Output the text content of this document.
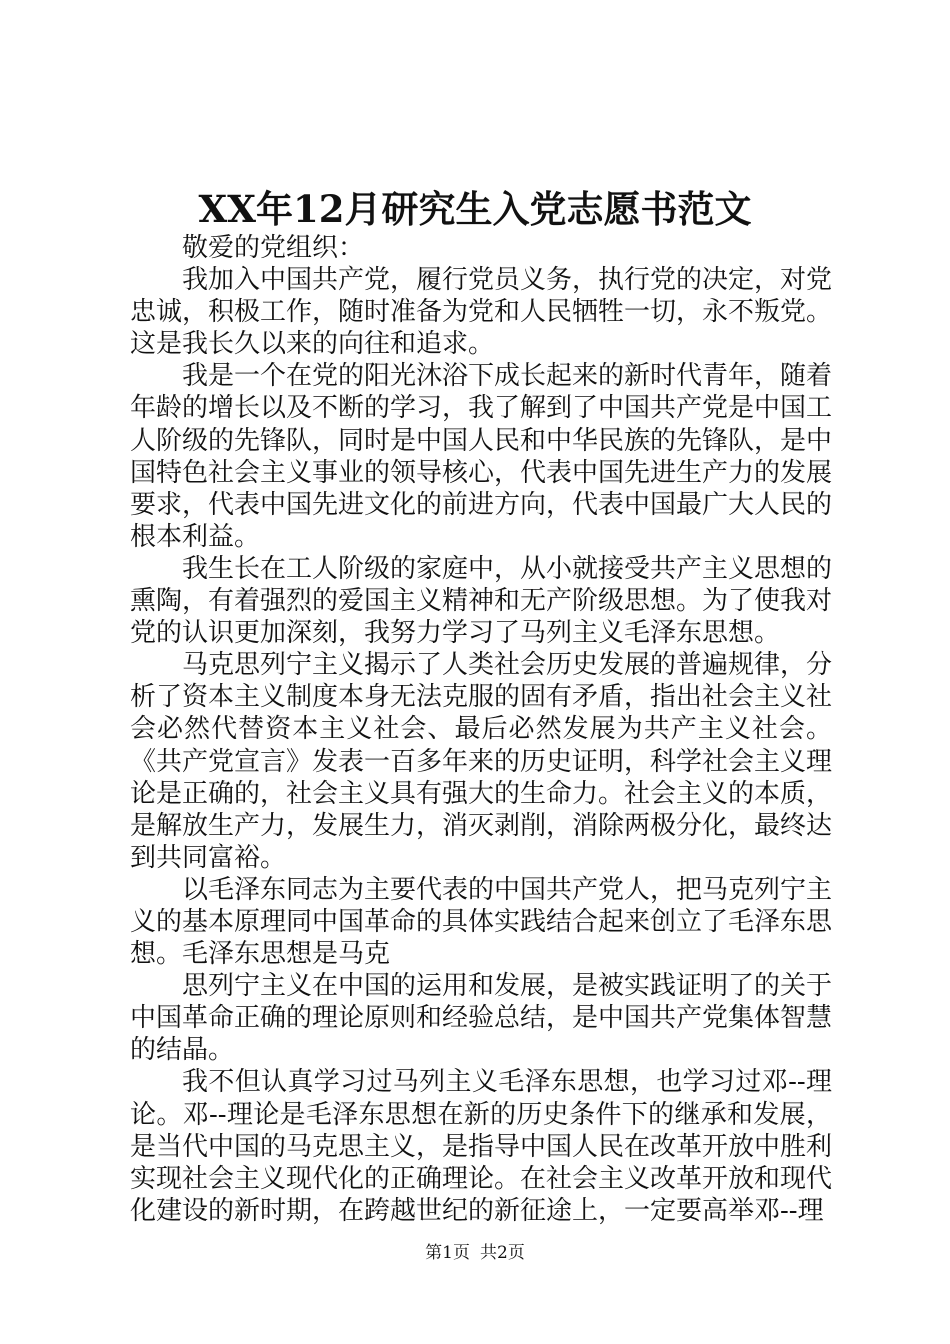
XX年12月研究生入党志愿书范文

敬爱的党组织：

我加入中国共产党，履行党员义务，执行党的决定，对党忠诚，积极工作，随时准备为党和人民牺牲一切，永不叛党。这是我长久以来的向往和追求。

我是一个在党的阳光沐浴下成长起来的新时代青年，随着年龄的增长以及不断的学习，我了解到了中国共产党是中国工人阶级的先锋队，同时是中国人民和中华民族的先锋队，是中国特色社会主义事业的领导核心，代表中国先进生产力的发展要求，代表中国先进文化的前进方向，代表中国最广大人民的根本利益。

我生长在工人阶级的家庭中，从小就接受共产主义思想的熏陶，有着强烈的爱国主义精神和无产阶级思想。为了使我对党的认识更加深刻，我努力学习了马列主义毛泽东思想。

马克思列宁主义揭示了人类社会历史发展的普遍规律，分析了资本主义制度本身无法克服的固有矛盾，指出社会主义社会必然代替资本主义社会、最后必然发展为共产主义社会。《共产党宣言》发表一百多年来的历史证明，科学社会主义理论是正确的，社会主义具有强大的生命力。社会主义的本质，是解放生产力，发展生力，消灭剥削，消除两极分化，最终达到共同富裕。

以毛泽东同志为主要代表的中国共产党人，把马克列宁主义的基本原理同中国革命的具体实践结合起来创立了毛泽东思想。毛泽东思想是马克

思列宁主义在中国的运用和发展，是被实践证明了的关于中国革命正确的理论原则和经验总结，是中国共产党集体智慧的结晶。

我不但认真学习过马列主义毛泽东思想，也学习过邓--理论。邓--理论是毛泽东思想在新的历史条件下的继承和发展，是当代中国的马克思主义，是指导中国人民在改革开放中胜利实现社会主义现代化的正确理论。在社会主义改革开放和现代化建设的新时期，在跨越世纪的新征途上，一定要高举邓--理

第1页 共2页
